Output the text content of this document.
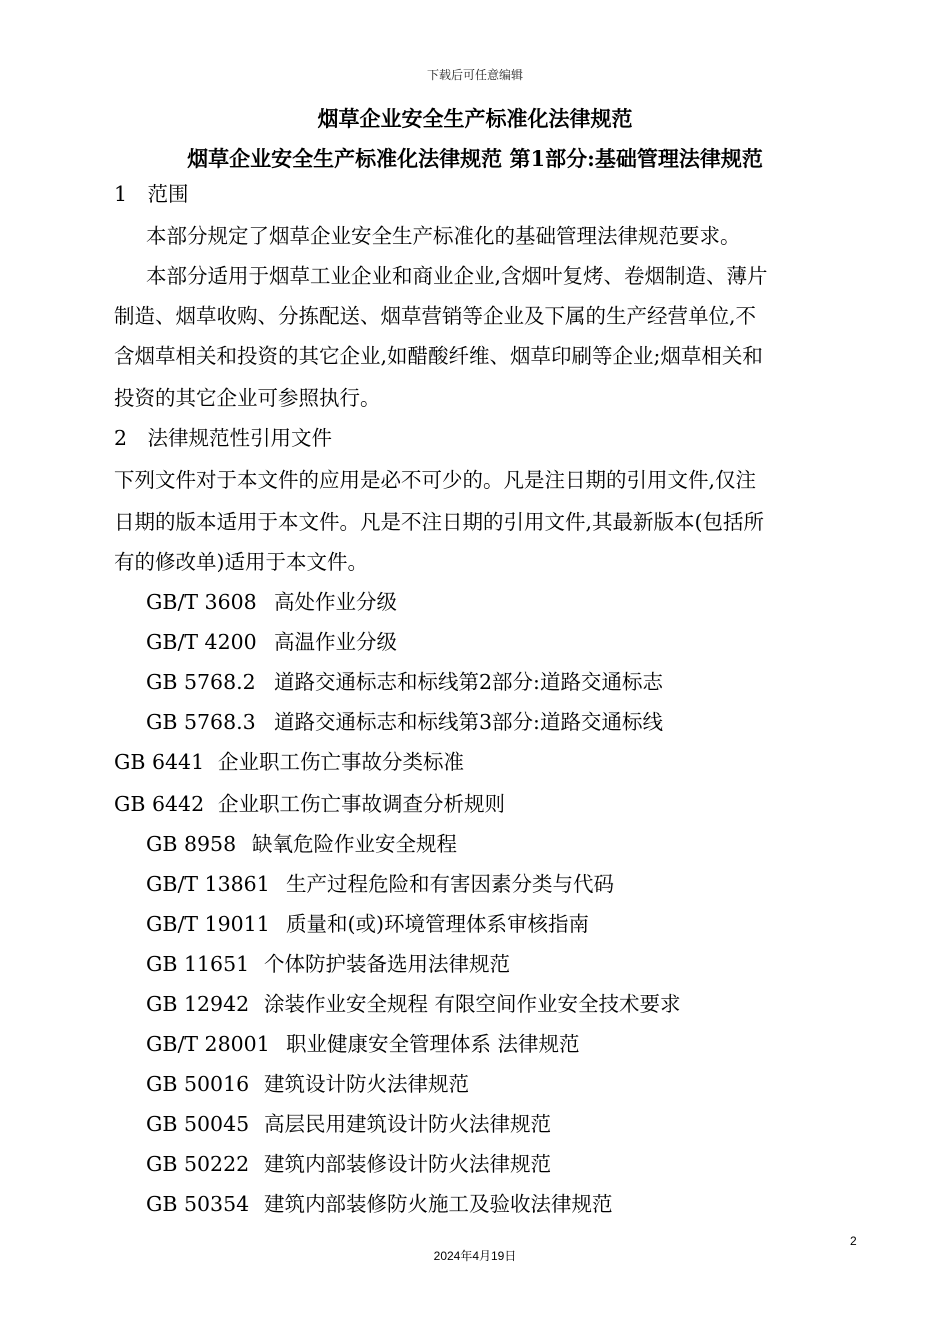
下载后可任意编辑
烟草企业安全生产标准化法律规范
烟草企业安全生产标准化法律规范 第1部分:基础管理法律规范
1　范围
本部分规定了烟草企业安全生产标准化的基础管理法律规范要求。
本部分适用于烟草工业企业和商业企业,含烟叶复烤、卷烟制造、薄片
制造、烟草收购、分拣配送、烟草营销等企业及下属的生产经营单位,不
含烟草相关和投资的其它企业,如醋酸纤维、烟草印刷等企业;烟草相关和
投资的其它企业可参照执行。
2　法律规范性引用文件
下列文件对于本文件的应用是必不可少的。凡是注日期的引用文件,仅注
日期的版本适用于本文件。凡是不注日期的引用文件,其最新版本(包括所
有的修改单)适用于本文件。
GB/T 3608 高处作业分级
GB/T 4200 高温作业分级
GB 5768.2 道路交通标志和标线第2部分:道路交通标志
GB 5768.3 道路交通标志和标线第3部分:道路交通标线
GB 6441 企业职工伤亡事故分类标准
GB 6442 企业职工伤亡事故调查分析规则
GB 8958 缺氧危险作业安全规程
GB/T 13861 生产过程危险和有害因素分类与代码
GB/T 19011 质量和(或)环境管理体系审核指南
GB 11651 个体防护装备选用法律规范
GB 12942 涂装作业安全规程 有限空间作业安全技术要求
GB/T 28001 职业健康安全管理体系 法律规范
GB 50016 建筑设计防火法律规范
GB 50045 高层民用建筑设计防火法律规范
GB 50222 建筑内部装修设计防火法律规范
GB 50354 建筑内部装修防火施工及验收法律规范
2
2024年4月19日
